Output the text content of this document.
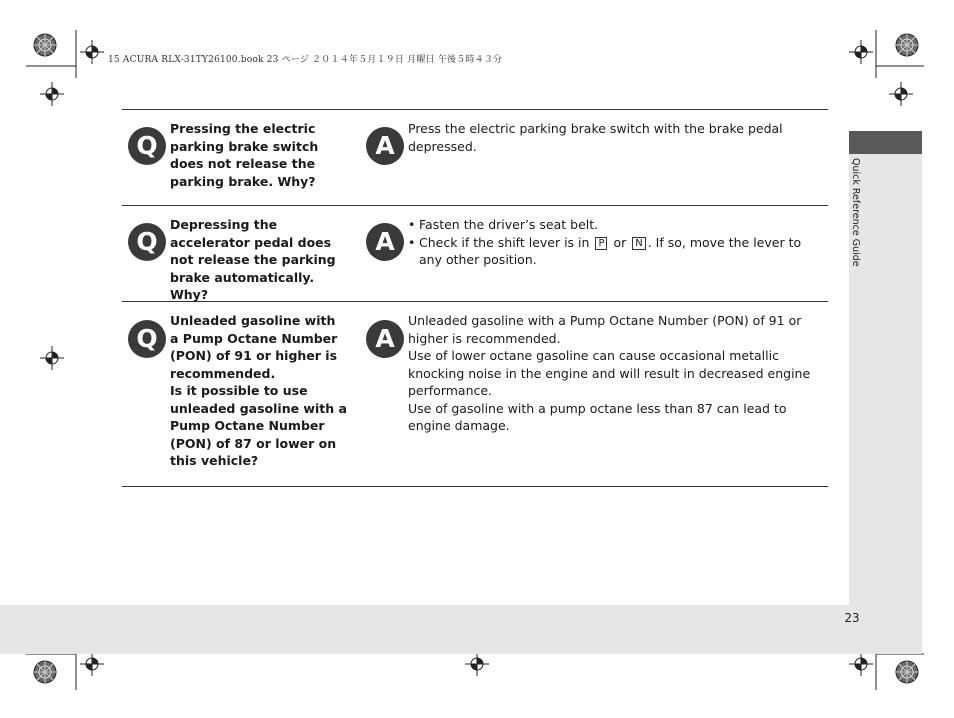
15 ACURA RLX-31TY26100.book 23 ページ ２０１４年５月１９日 月曜日 午後５時４３分
Quick Reference Guide
23
Q
Pressing the electric parking brake switch does not release the parking brake. Why?
A
Press the electric parking brake switch with the brake pedal depressed.
Q
Depressing the accelerator pedal does not release the parking brake automatically. Why?
A
• Fasten the driver’s seat belt.
• Check if the shift lever is in P or N . If so, move the lever to any other position.
Q
Unleaded gasoline with a Pump Octane Number (PON) of 91 or higher is recommended.
Is it possible to use unleaded gasoline with a Pump Octane Number (PON) of 87 or lower on this vehicle?
A
Unleaded gasoline with a Pump Octane Number (PON) of 91 or higher is recommended.
Use of lower octane gasoline can cause occasional metallic knocking noise in the engine and will result in decreased engine performance.
Use of gasoline with a pump octane less than 87 can lead to engine damage.
